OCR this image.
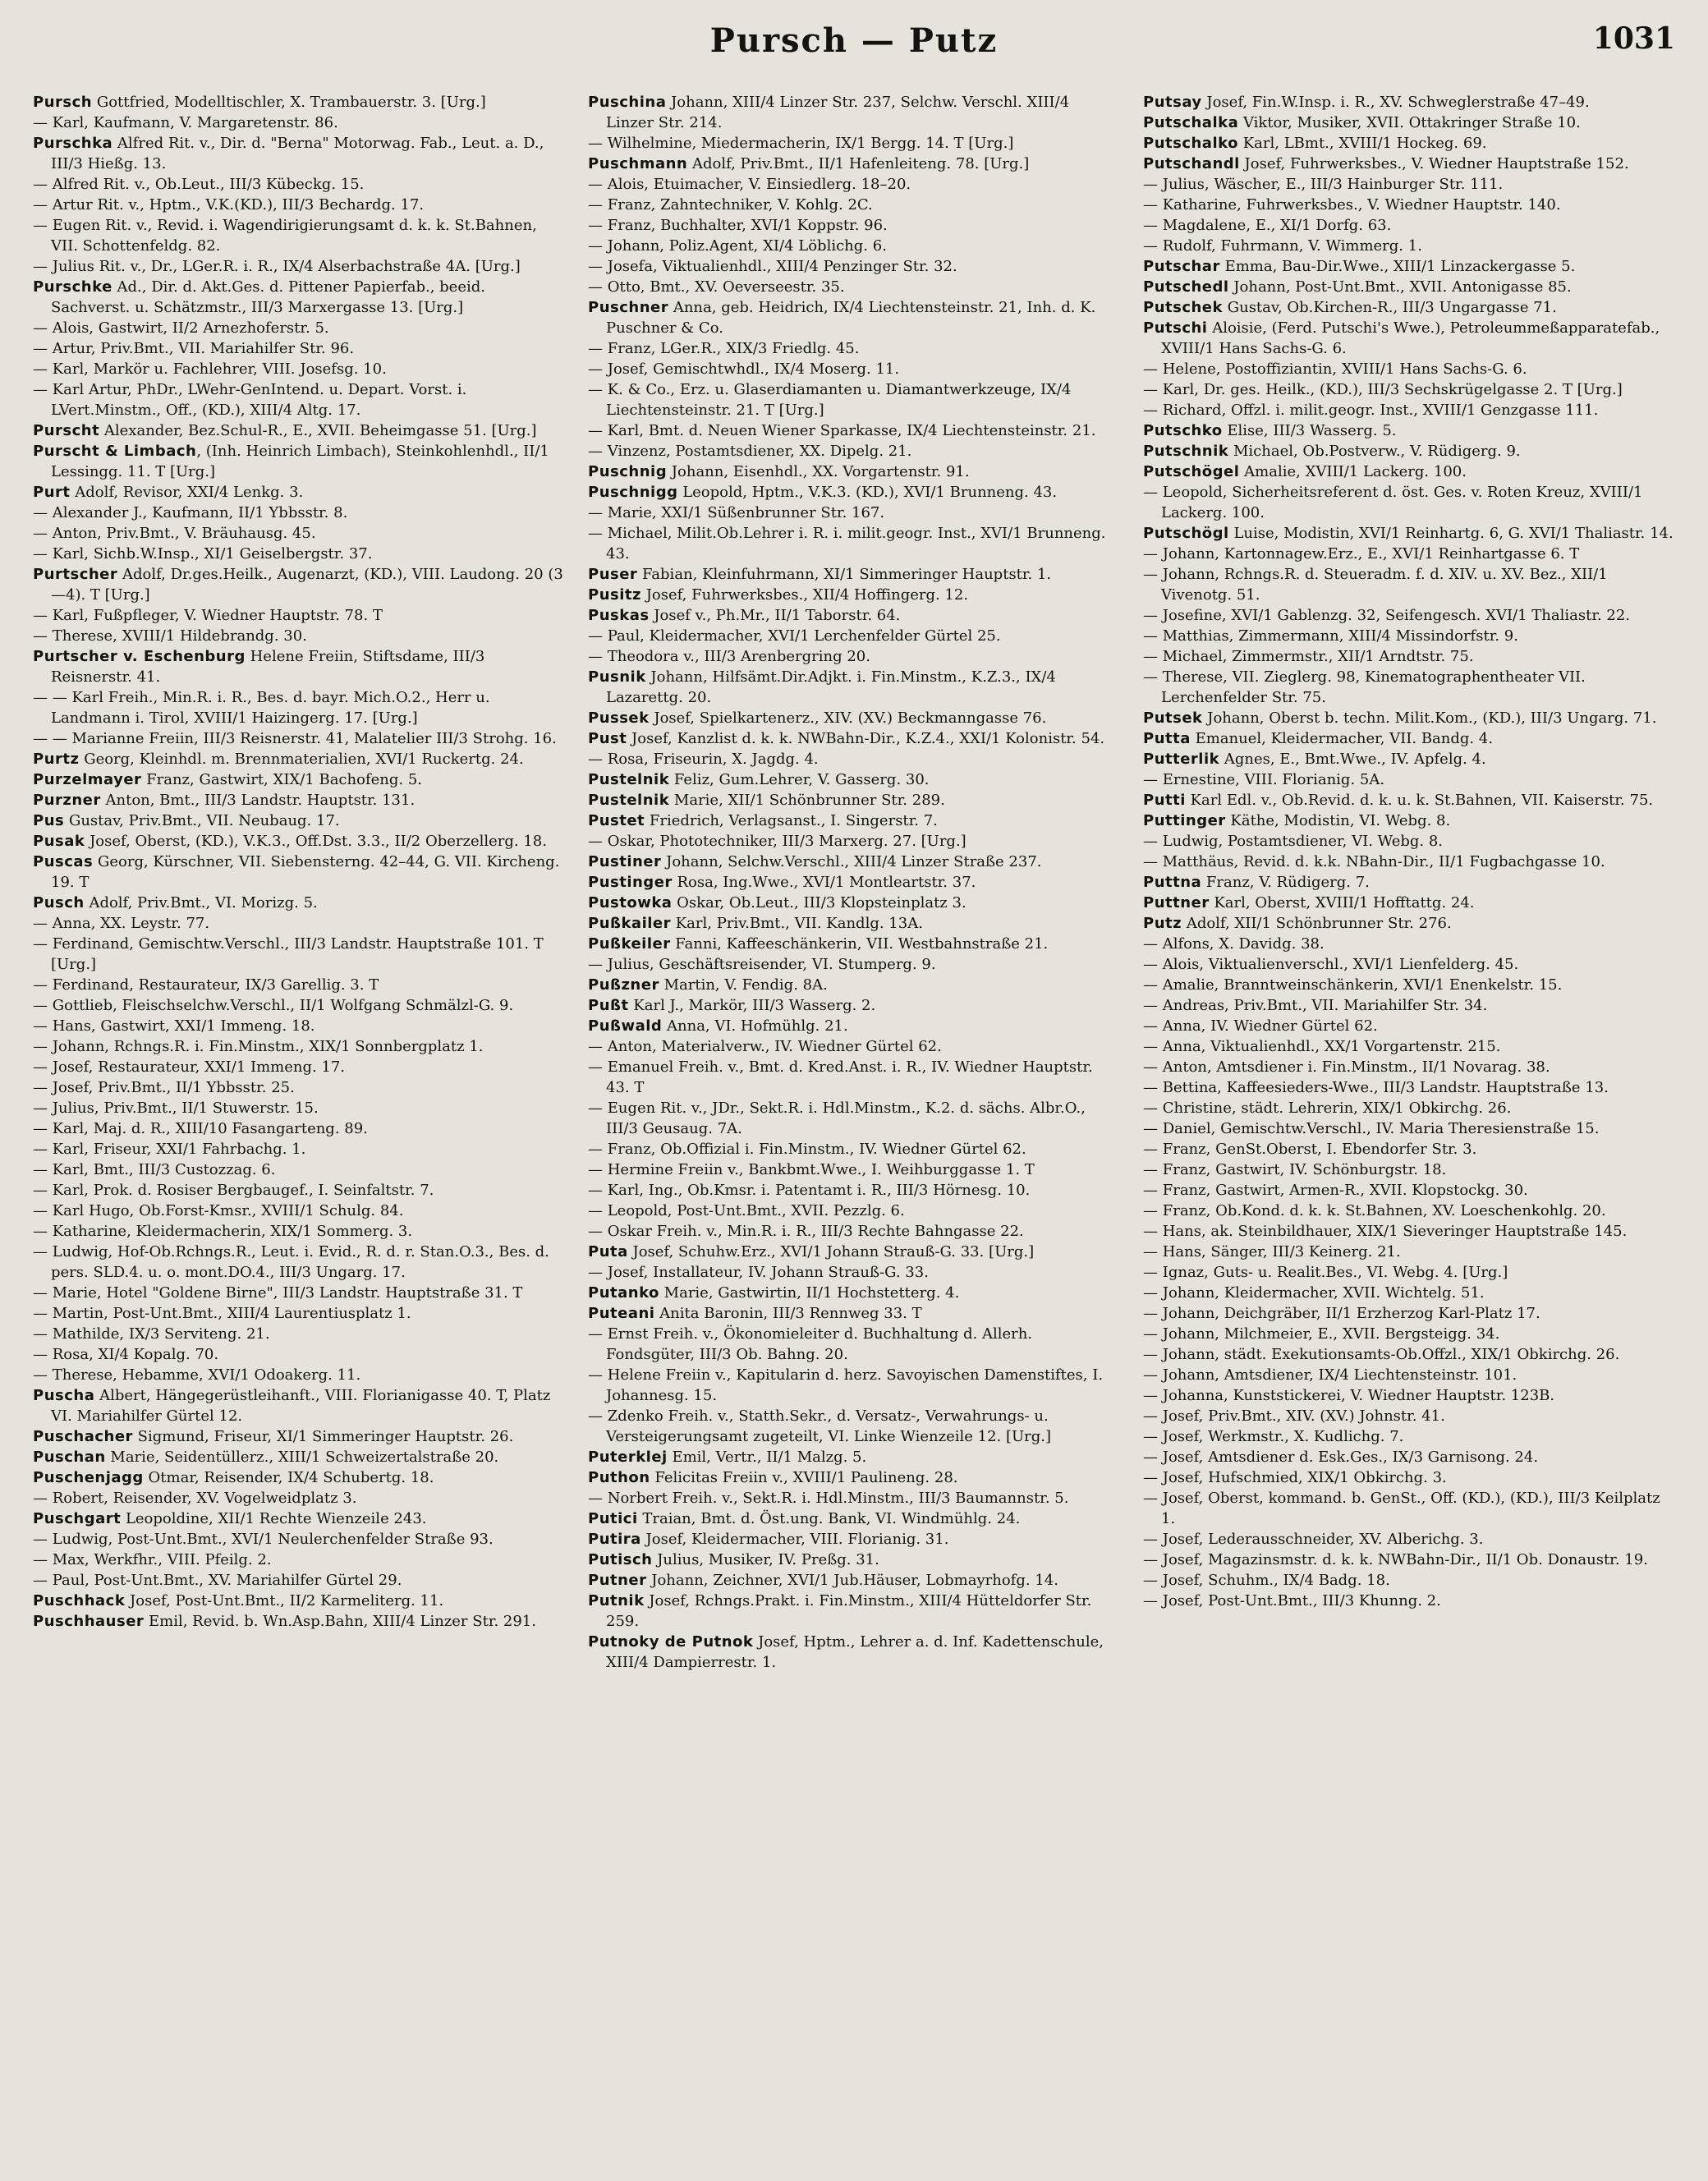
Pursch — Putz	1031

Pursch Gottfried, Modelltischler, X. Trambauerstr. 3. [Urg.]

— Karl, Kaufmann, V. Margaretenstr. 86.

Purschka Alfred Rit. v., Dir. d. "Berna" Motorwag. Fab., Leut. a. D., III/3 Hießg. 13.

— Alfred Rit. v., Ob.Leut., III/3 Kübeckg. 15.

— Artur Rit. v., Hptm., V.K.(KD.), III/3 Bechardg. 17.

— Eugen Rit. v., Revid. i. Wagendirigierungsamt d. k. k. St.Bahnen, VII. Schottenfeldg. 82.

— Julius Rit. v., Dr., LGer.R. i. R., IX/4 Alserbachstraße 4A. [Urg.]

Purschke Ad., Dir. d. Akt.Ges. d. Pittener Papierfab., beeid. Sachverst. u. Schätzmstr., III/3 Marxergasse 13. [Urg.]

— Alois, Gastwirt, II/2 Arnezhoferstr. 5.

— Artur, Priv.Bmt., VII. Mariahilfer Str. 96.

— Karl, Markör u. Fachlehrer, VIII. Josefsg. 10.

— Karl Artur, PhDr., LWehr-GenIntend. u. Depart. Vorst. i. LVert.Minstm., Off., (KD.), XIII/4 Altg. 17.

Purscht Alexander, Bez.Schul-R., E., XVII. Beheimgasse 51. [Urg.]

Purscht & Limbach, (Inh. Heinrich Limbach), Steinkohlenhdl., II/1 Lessingg. 11. T [Urg.]

Purt Adolf, Revisor, XXI/4 Lenkg. 3.

— Alexander J., Kaufmann, II/1 Ybbsstr. 8.

— Anton, Priv.Bmt., V. Bräuhausg. 45.

— Karl, Sichb.W.Insp., XI/1 Geiselbergstr. 37.

Purtscher Adolf, Dr.ges.Heilk., Augenarzt, (KD.), VIII. Laudong. 20 (3—4). T [Urg.]

— Karl, Fußpfleger, V. Wiedner Hauptstr. 78. T

— Therese, XVIII/1 Hildebrandg. 30.

Purtscher v. Eschenburg Helene Freiin, Stiftsdame, III/3 Reisnerstr. 41.

— — Karl Freih., Min.R. i. R., Bes. d. bayr. Mich.O.2., Herr u. Landmann i. Tirol, XVIII/1 Haizingerg. 17. [Urg.]

— — Marianne Freiin, III/3 Reisnerstr. 41, Malatelier III/3 Strohg. 16.

Purtz Georg, Kleinhdl. m. Brennmaterialien, XVI/1 Ruckertg. 24.

Purzelmayer Franz, Gastwirt, XIX/1 Bachofeng. 5.

Purzner Anton, Bmt., III/3 Landstr. Hauptstr. 131.

Pus Gustav, Priv.Bmt., VII. Neubaug. 17.

Pusak Josef, Oberst, (KD.), V.K.3., Off.Dst. 3.3., II/2 Oberzellerg. 18.

Puscas Georg, Kürschner, VII. Siebensterng. 42–44, G. VII. Kircheng. 19. T

Pusch Adolf, Priv.Bmt., VI. Morizg. 5.

— Anna, XX. Leystr. 77.

— Ferdinand, Gemischtw.Verschl., III/3 Landstr. Hauptstraße 101. T [Urg.]

— Ferdinand, Restaurateur, IX/3 Garellig. 3. T

— Gottlieb, Fleischselchw.Verschl., II/1 Wolfgang Schmälzl-G. 9.

— Hans, Gastwirt, XXI/1 Immeng. 18.

— Johann, Rchngs.R. i. Fin.Minstm., XIX/1 Sonnbergplatz 1.

— Josef, Restaurateur, XXI/1 Immeng. 17.

— Josef, Priv.Bmt., II/1 Ybbsstr. 25.

— Julius, Priv.Bmt., II/1 Stuwerstr. 15.

— Karl, Maj. d. R., XIII/10 Fasangarteng. 89.

— Karl, Friseur, XXI/1 Fahrbachg. 1.

— Karl, Bmt., III/3 Custozzag. 6.

— Karl, Prok. d. Rosiser Bergbaugef., I. Seinfaltstr. 7.

— Karl Hugo, Ob.Forst-Kmsr., XVIII/1 Schulg. 84.

— Katharine, Kleidermacherin, XIX/1 Sommerg. 3.

— Ludwig, Hof-Ob.Rchngs.R., Leut. i. Evid., R. d. r. Stan.O.3., Bes. d. pers. SLD.4. u. o. mont.DO.4., III/3 Ungarg. 17.

— Marie, Hotel "Goldene Birne", III/3 Landstr. Hauptstraße 31. T

— Martin, Post-Unt.Bmt., XIII/4 Laurentiusplatz 1.

— Mathilde, IX/3 Serviteng. 21.

— Rosa, XI/4 Kopalg. 70.

— Therese, Hebamme, XVI/1 Odoakerg. 11.

Puscha Albert, Hängegerüstleihanft., VIII. Florianigasse 40. T, Platz VI. Mariahilfer Gürtel 12.

Puschacher Sigmund, Friseur, XI/1 Simmeringer Hauptstr. 26.

Puschan Marie, Seidentüllerz., XIII/1 Schweizertalstraße 20.

Puschenjagg Otmar, Reisender, IX/4 Schubertg. 18.

— Robert, Reisender, XV. Vogelweidplatz 3.

Puschgart Leopoldine, XII/1 Rechte Wienzeile 243.

— Ludwig, Post-Unt.Bmt., XVI/1 Neulerchenfelder Straße 93.

— Max, Werkfhr., VIII. Pfeilg. 2.

— Paul, Post-Unt.Bmt., XV. Mariahilfer Gürtel 29.

Puschhack Josef, Post-Unt.Bmt., II/2 Karmeliterg. 11.

Puschhauser Emil, Revid. b. Wn.Asp.Bahn, XIII/4 Linzer Str. 291.

Puschina Johann, XIII/4 Linzer Str. 237, Selchw. Verschl. XIII/4 Linzer Str. 214.

— Wilhelmine, Miedermacherin, IX/1 Bergg. 14. T [Urg.]

Puschmann Adolf, Priv.Bmt., II/1 Hafenleiteng. 78. [Urg.]

— Alois, Etuimacher, V. Einsiedlerg. 18–20.

— Franz, Zahntechniker, V. Kohlg. 2C.

— Franz, Buchhalter, XVI/1 Koppstr. 96.

— Johann, Poliz.Agent, XI/4 Löblichg. 6.

— Josefa, Viktualienhdl., XIII/4 Penzinger Str. 32.

— Otto, Bmt., XV. Oeverseestr. 35.

Puschner Anna, geb. Heidrich, IX/4 Liechtensteinstr. 21, Inh. d. K. Puschner & Co.

— Franz, LGer.R., XIX/3 Friedlg. 45.

— Josef, Gemischtwhdl., IX/4 Moserg. 11.

— K. & Co., Erz. u. Glaserdiamanten u. Diamantwerkzeuge, IX/4 Liechtensteinstr. 21. T [Urg.]

— Karl, Bmt. d. Neuen Wiener Sparkasse, IX/4 Liechtensteinstr. 21.

— Vinzenz, Postamtsdiener, XX. Dipelg. 21.

Puschnig Johann, Eisenhdl., XX. Vorgartenstr. 91.

Puschnigg Leopold, Hptm., V.K.3. (KD.), XVI/1 Brunneng. 43.

— Marie, XXI/1 Süßenbrunner Str. 167.

— Michael, Milit.Ob.Lehrer i. R. i. milit.geogr. Inst., XVI/1 Brunneng. 43.

Puser Fabian, Kleinfuhrmann, XI/1 Simmeringer Hauptstr. 1.

Pusitz Josef, Fuhrwerksbes., XII/4 Hoffingerg. 12.

Puskas Josef v., Ph.Mr., II/1 Taborstr. 64.

— Paul, Kleidermacher, XVI/1 Lerchenfelder Gürtel 25.

— Theodora v., III/3 Arenbergring 20.

Pusnik Johann, Hilfsämt.Dir.Adjkt. i. Fin.Minstm., K.Z.3., IX/4 Lazarettg. 20.

Pussek Josef, Spielkartenerz., XIV. (XV.) Beckmanngasse 76.

Pust Josef, Kanzlist d. k. k. NWBahn-Dir., K.Z.4., XXI/1 Kolonistr. 54.

— Rosa, Friseurin, X. Jagdg. 4.

Pustelnik Feliz, Gum.Lehrer, V. Gasserg. 30.

Pustelnik Marie, XII/1 Schönbrunner Str. 289.

Pustet Friedrich, Verlagsanst., I. Singerstr. 7.

— Oskar, Phototechniker, III/3 Marxerg. 27. [Urg.]

Pustiner Johann, Selchw.Verschl., XIII/4 Linzer Straße 237.

Pustinger Rosa, Ing.Wwe., XVI/1 Montleartstr. 37.

Pustowka Oskar, Ob.Leut., III/3 Klopsteinplatz 3.

Pußkailer Karl, Priv.Bmt., VII. Kandlg. 13A.

Pußkeiler Fanni, Kaffeeschänkerin, VII. Westbahnstraße 21.

— Julius, Geschäftsreisender, VI. Stumperg. 9.

Pußzner Martin, V. Fendig. 8A.

Pußt Karl J., Markör, III/3 Wasserg. 2.

Pußwald Anna, VI. Hofmühlg. 21.

— Anton, Materialverw., IV. Wiedner Gürtel 62.

— Emanuel Freih. v., Bmt. d. Kred.Anst. i. R., IV. Wiedner Hauptstr. 43. T

— Eugen Rit. v., JDr., Sekt.R. i. Hdl.Minstm., K.2. d. sächs. Albr.O., III/3 Geusaug. 7A.

— Franz, Ob.Offizial i. Fin.Minstm., IV. Wiedner Gürtel 62.

— Hermine Freiin v., Bankbmt.Wwe., I. Weihburggasse 1. T

— Karl, Ing., Ob.Kmsr. i. Patentamt i. R., III/3 Hörnesg. 10.

— Leopold, Post-Unt.Bmt., XVII. Pezzlg. 6.

— Oskar Freih. v., Min.R. i. R., III/3 Rechte Bahngasse 22.

Puta Josef, Schuhw.Erz., XVI/1 Johann Strauß-G. 33. [Urg.]

— Josef, Installateur, IV. Johann Strauß-G. 33.

Putanko Marie, Gastwirtin, II/1 Hochstetterg. 4.

Puteani Anita Baronin, III/3 Rennweg 33. T

— Ernst Freih. v., Ökonomieleiter d. Buchhaltung d. Allerh. Fondsgüter, III/3 Ob. Bahng. 20.

— Helene Freiin v., Kapitularin d. herz. Savoyischen Damenstiftes, I. Johannesg. 15.

— Zdenko Freih. v., Statth.Sekr., d. Versatz-, Verwahrungs- u. Versteigerungsamt zugeteilt, VI. Linke Wienzeile 12. [Urg.]

Puterklej Emil, Vertr., II/1 Malzg. 5.

Puthon Felicitas Freiin v., XVIII/1 Paulineng. 28.

— Norbert Freih. v., Sekt.R. i. Hdl.Minstm., III/3 Baumannstr. 5.

Putici Traian, Bmt. d. Öst.ung. Bank, VI. Windmühlg. 24.

Putira Josef, Kleidermacher, VIII. Florianig. 31.

Putisch Julius, Musiker, IV. Preßg. 31.

Putner Johann, Zeichner, XVI/1 Jub.Häuser, Lobmayrhofg. 14.

Putnik Josef, Rchngs.Prakt. i. Fin.Minstm., XIII/4 Hütteldorfer Str. 259.

Putnoky de Putnok Josef, Hptm., Lehrer a. d. Inf. Kadettenschule, XIII/4 Dampierrestr. 1.

Putsay Josef, Fin.W.Insp. i. R., XV. Schweglerstraße 47–49.

Putschalka Viktor, Musiker, XVII. Ottakringer Straße 10.

Putschalko Karl, LBmt., XVIII/1 Hockeg. 69.

Putschandl Josef, Fuhrwerksbes., V. Wiedner Hauptstraße 152.

— Julius, Wäscher, E., III/3 Hainburger Str. 111.

— Katharine, Fuhrwerksbes., V. Wiedner Hauptstr. 140.

— Magdalene, E., XI/1 Dorfg. 63.

— Rudolf, Fuhrmann, V. Wimmerg. 1.

Putschar Emma, Bau-Dir.Wwe., XIII/1 Linzackergasse 5.

Putschedl Johann, Post-Unt.Bmt., XVII. Antonigasse 85.

Putschek Gustav, Ob.Kirchen-R., III/3 Ungargasse 71.

Putschi Aloisie, (Ferd. Putschi's Wwe.), Petroleummeßapparatefab., XVIII/1 Hans Sachs-G. 6.

— Helene, Postoffiziantin, XVIII/1 Hans Sachs-G. 6.

— Karl, Dr. ges. Heilk., (KD.), III/3 Sechskrügelgasse 2. T [Urg.]

— Richard, Offzl. i. milit.geogr. Inst., XVIII/1 Genzgasse 111.

Putschko Elise, III/3 Wasserg. 5.

Putschnik Michael, Ob.Postverw., V. Rüdigerg. 9.

Putschögel Amalie, XVIII/1 Lackerg. 100.

— Leopold, Sicherheitsreferent d. öst. Ges. v. Roten Kreuz, XVIII/1 Lackerg. 100.

Putschögl Luise, Modistin, XVI/1 Reinhartg. 6, G. XVI/1 Thaliastr. 14.

— Johann, Kartonnagew.Erz., E., XVI/1 Reinhartgasse 6. T

— Johann, Rchngs.R. d. Steueradm. f. d. XIV. u. XV. Bez., XII/1 Vivenotg. 51.

— Josefine, XVI/1 Gablenzg. 32, Seifengesch. XVI/1 Thaliastr. 22.

— Matthias, Zimmermann, XIII/4 Missindorfstr. 9.

— Michael, Zimmermstr., XII/1 Arndtstr. 75.

— Therese, VII. Zieglerg. 98, Kinematographentheater VII. Lerchenfelder Str. 75.

Putsek Johann, Oberst b. techn. Milit.Kom., (KD.), III/3 Ungarg. 71.

Putta Emanuel, Kleidermacher, VII. Bandg. 4.

Putterlik Agnes, E., Bmt.Wwe., IV. Apfelg. 4.

— Ernestine, VIII. Florianig. 5A.

Putti Karl Edl. v., Ob.Revid. d. k. u. k. St.Bahnen, VII. Kaiserstr. 75.

Puttinger Käthe, Modistin, VI. Webg. 8.

— Ludwig, Postamtsdiener, VI. Webg. 8.

— Matthäus, Revid. d. k.k. NBahn-Dir., II/1 Fugbachgasse 10.

Puttna Franz, V. Rüdigerg. 7.

Puttner Karl, Oberst, XVIII/1 Hofftattg. 24.

Putz Adolf, XII/1 Schönbrunner Str. 276.

— Alfons, X. Davidg. 38.

— Alois, Viktualienverschl., XVI/1 Lienfelderg. 45.

— Amalie, Branntweinschänkerin, XVI/1 Enenkelstr. 15.

— Andreas, Priv.Bmt., VII. Mariahilfer Str. 34.

— Anna, IV. Wiedner Gürtel 62.

— Anna, Viktualienhdl., XX/1 Vorgartenstr. 215.

— Anton, Amtsdiener i. Fin.Minstm., II/1 Novarag. 38.

— Bettina, Kaffeesieders-Wwe., III/3 Landstr. Hauptstraße 13.

— Christine, städt. Lehrerin, XIX/1 Obkirchg. 26.

— Daniel, Gemischtw.Verschl., IV. Maria Theresienstraße 15.

— Franz, GenSt.Oberst, I. Ebendorfer Str. 3.

— Franz, Gastwirt, IV. Schönburgstr. 18.

— Franz, Gastwirt, Armen-R., XVII. Klopstockg. 30.

— Franz, Ob.Kond. d. k. k. St.Bahnen, XV. Loeschenkohlg. 20.

— Hans, ak. Steinbildhauer, XIX/1 Sieveringer Hauptstraße 145.

— Hans, Sänger, III/3 Keinerg. 21.

— Ignaz, Guts- u. Realit.Bes., VI. Webg. 4. [Urg.]

— Johann, Kleidermacher, XVII. Wichtelg. 51.

— Johann, Deichgräber, II/1 Erzherzog Karl-Platz 17.

— Johann, Milchmeier, E., XVII. Bergsteigg. 34.

— Johann, städt. Exekutionsamts-Ob.Offzl., XIX/1 Obkirchg. 26.

— Johann, Amtsdiener, IX/4 Liechtensteinstr. 101.

— Johanna, Kunststickerei, V. Wiedner Hauptstr. 123B.

— Josef, Priv.Bmt., XIV. (XV.) Johnstr. 41.

— Josef, Werkmstr., X. Kudlichg. 7.

— Josef, Amtsdiener d. Esk.Ges., IX/3 Garnisong. 24.

— Josef, Hufschmied, XIX/1 Obkirchg. 3.

— Josef, Oberst, kommand. b. GenSt., Off. (KD.), (KD.), III/3 Keilplatz 1.

— Josef, Lederausschneider, XV. Alberichg. 3.

— Josef, Magazinsmstr. d. k. k. NWBahn-Dir., II/1 Ob. Donaustr. 19.

— Josef, Schuhm., IX/4 Badg. 18.

— Josef, Post-Unt.Bmt., III/3 Khunng. 2.
